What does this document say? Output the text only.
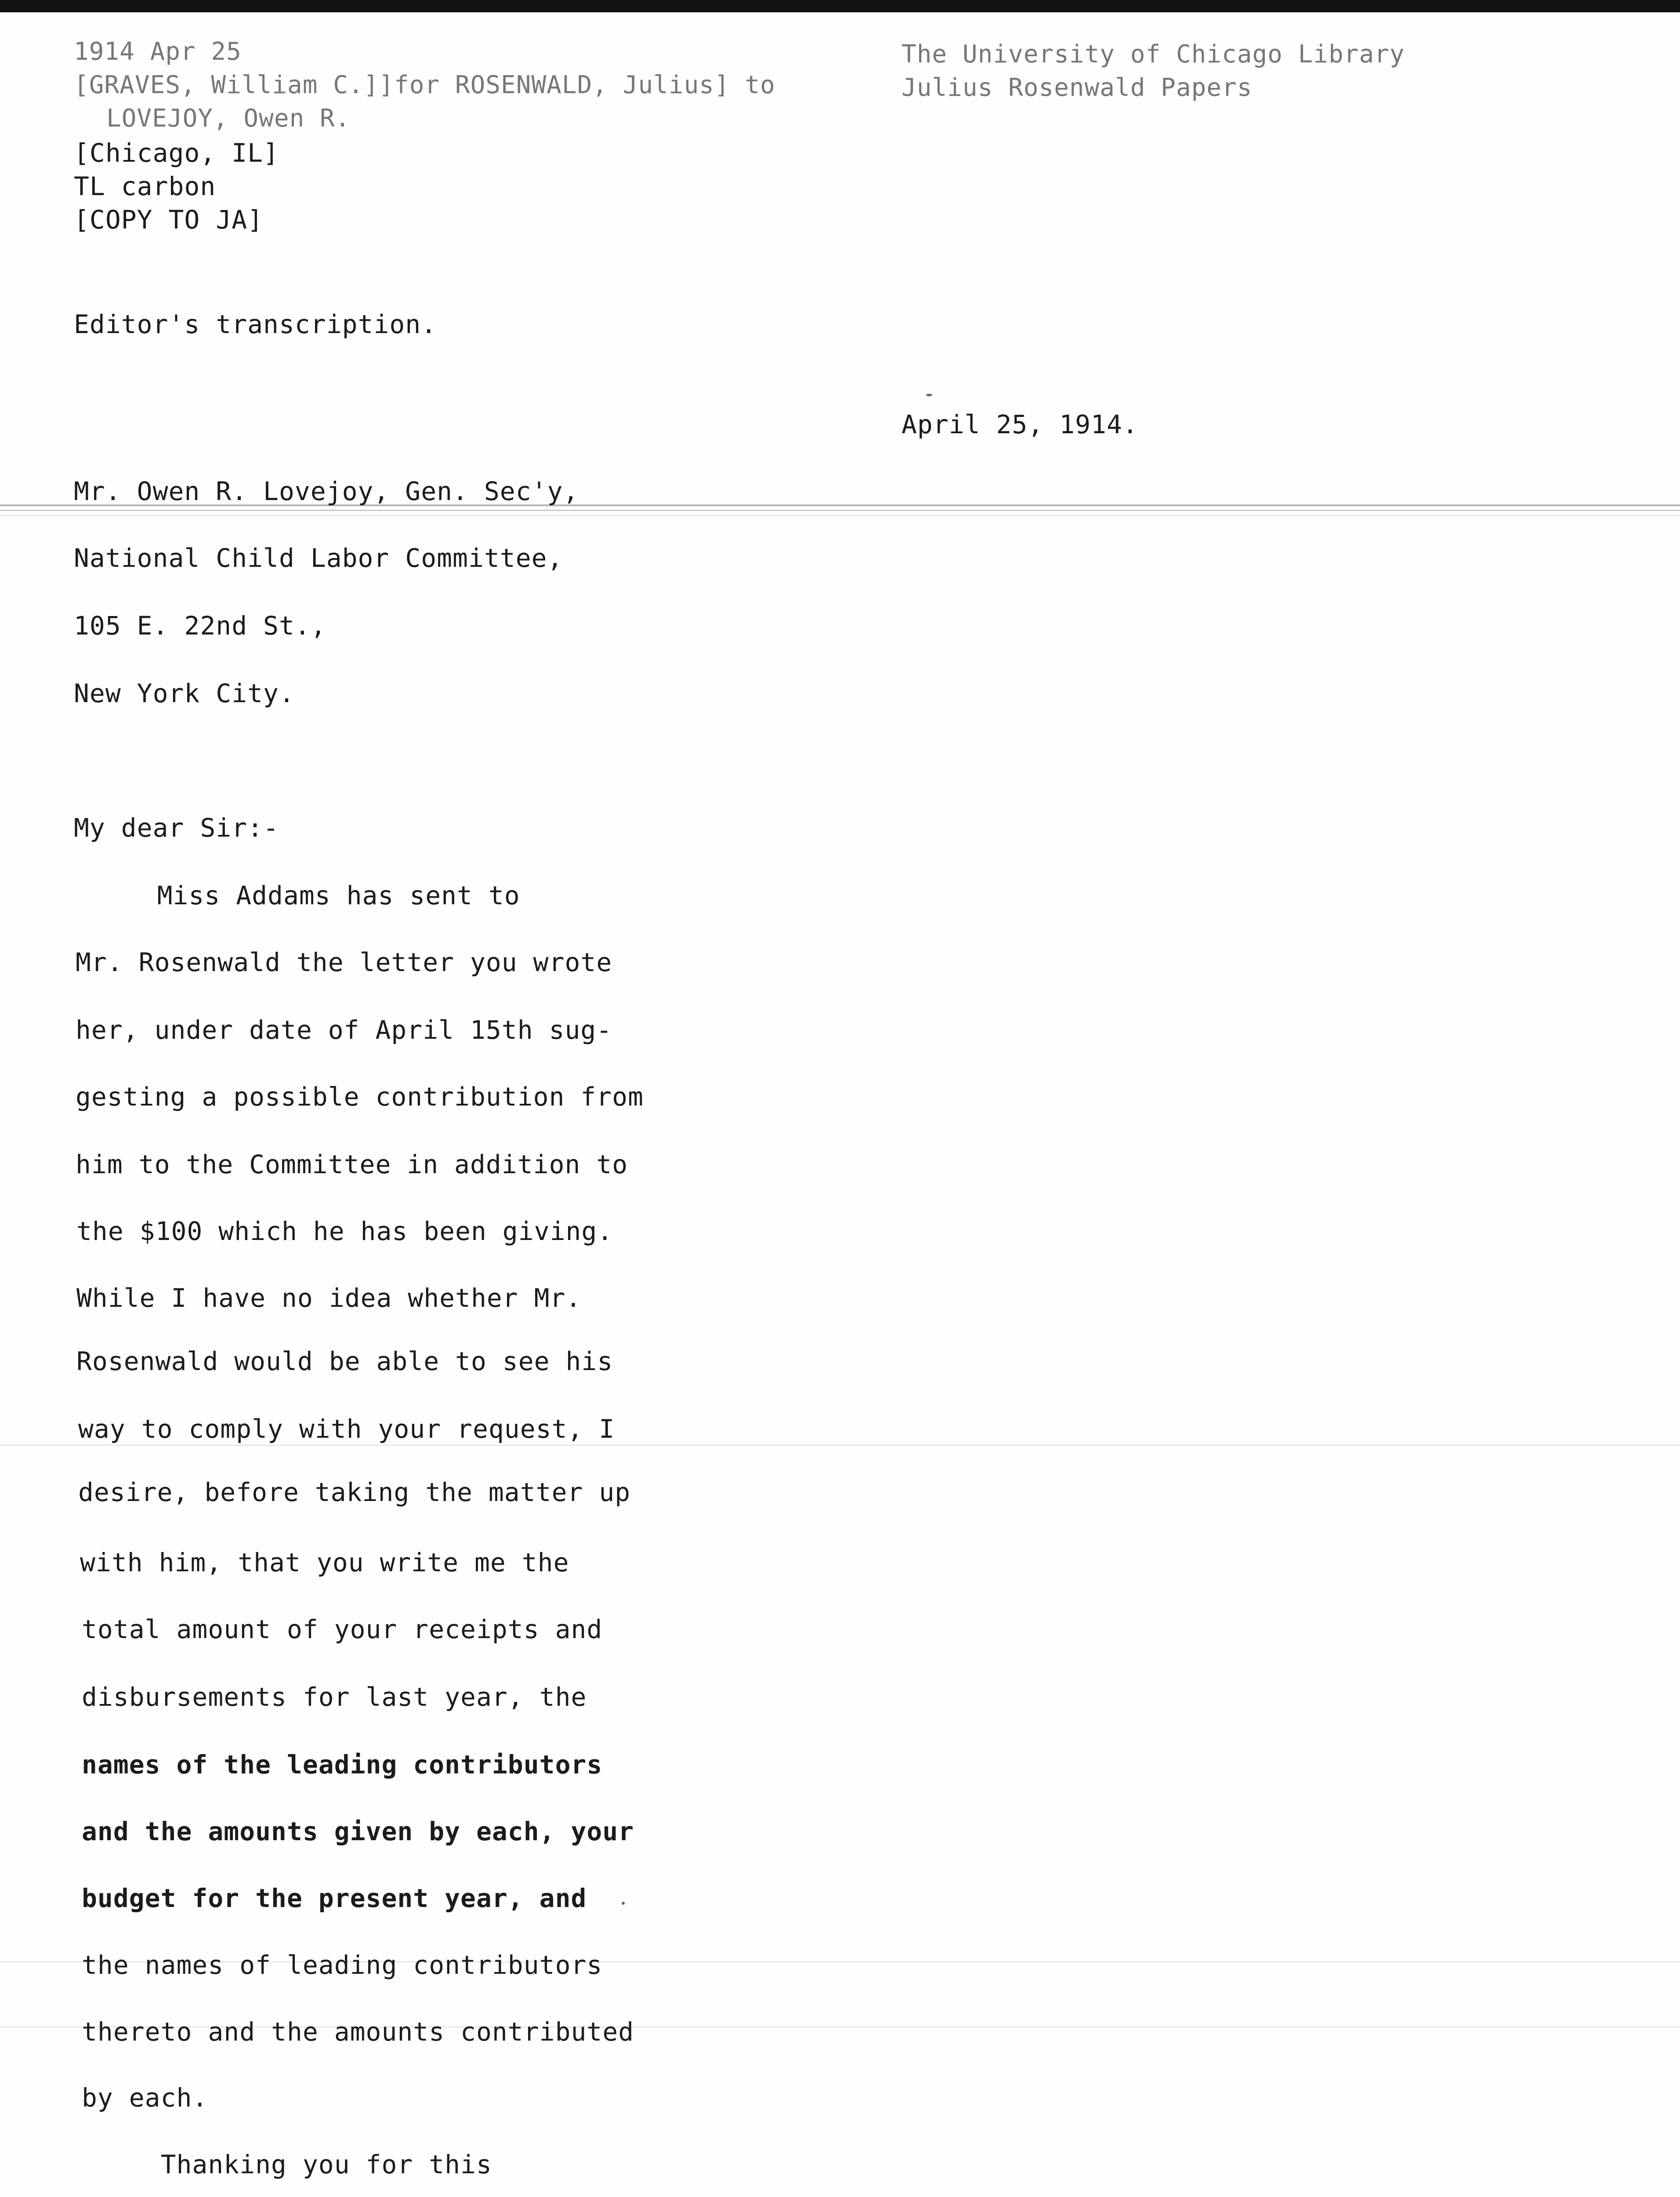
1914 Apr 25
[GRAVES, William C.]]for ROSENWALD, Julius] to
LOVEJOY, Owen R.
[Chicago, IL]
TL carbon
[COPY TO JA]
The University of Chicago Library
Julius Rosenwald Papers
Editor's transcription.
April 25, 1914.
Mr. Owen R. Lovejoy, Gen. Sec'y,
National Child Labor Committee,
105 E. 22nd St.,
New York City.
My dear Sir:-
Miss Addams has sent to
Mr. Rosenwald the letter you wrote
her, under date of April 15th sug-
gesting a possible contribution from
him to the Committee in addition to
the $100 which he has been giving.
While I have no idea whether Mr.
Rosenwald would be able to see his
way to comply with your request, I
desire, before taking the matter up
with him, that you write me the
total amount of your receipts and
disbursements for last year, the
names of the leading contributors
and the amounts given by each, your
budget for the present year, and
the names of leading contributors
thereto and the amounts contributed
by each.
Thanking you for this
